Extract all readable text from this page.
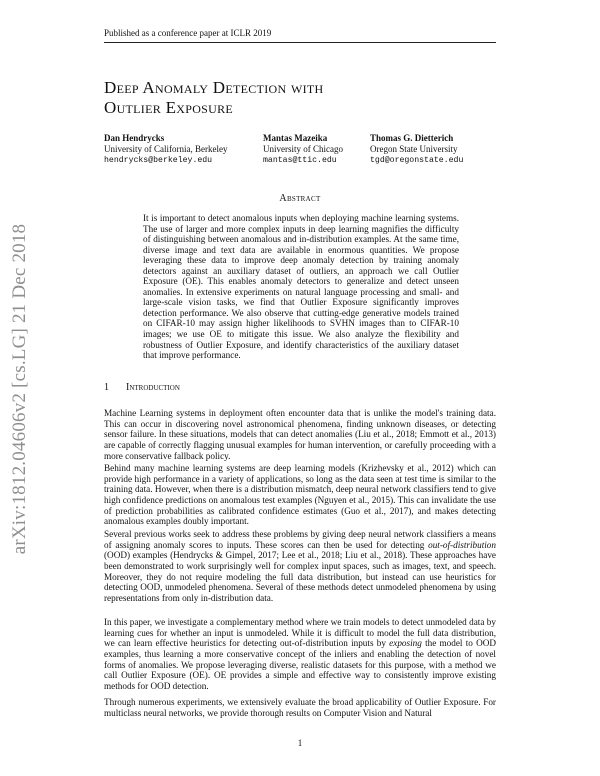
Published as a conference paper at ICLR 2019
arXiv:1812.04606v2 [cs.LG] 21 Dec 2018
Deep Anomaly Detection with
Outlier Exposure
Dan Hendrycks
University of California, Berkeley
hendrycks@berkeley.edu
Mantas Mazeika
University of Chicago
mantas@ttic.edu
Thomas G. Dietterich
Oregon State University
tgd@oregonstate.edu
Abstract
It is important to detect anomalous inputs when deploying machine learning systems. The use of larger and more complex inputs in deep learning magnifies the difficulty of distinguishing between anomalous and in-distribution examples. At the same time, diverse image and text data are available in enormous quantities. We propose leveraging these data to improve deep anomaly detection by training anomaly detectors against an auxiliary dataset of outliers, an approach we call Outlier Exposure (OE). This enables anomaly detectors to generalize and detect unseen anomalies. In extensive experiments on natural language processing and small- and large-scale vision tasks, we find that Outlier Exposure significantly improves detection performance. We also observe that cutting-edge generative models trained on CIFAR-10 may assign higher likelihoods to SVHN images than to CIFAR-10 images; we use OE to mitigate this issue. We also analyze the flexibility and robustness of Outlier Exposure, and identify characteristics of the auxiliary dataset that improve performance.
1 Introduction
Machine Learning systems in deployment often encounter data that is unlike the model's training data. This can occur in discovering novel astronomical phenomena, finding unknown diseases, or detecting sensor failure. In these situations, models that can detect anomalies (Liu et al., 2018; Emmott et al., 2013) are capable of correctly flagging unusual examples for human intervention, or carefully proceeding with a more conservative fallback policy.
Behind many machine learning systems are deep learning models (Krizhevsky et al., 2012) which can provide high performance in a variety of applications, so long as the data seen at test time is similar to the training data. However, when there is a distribution mismatch, deep neural network classifiers tend to give high confidence predictions on anomalous test examples (Nguyen et al., 2015). This can invalidate the use of prediction probabilities as calibrated confidence estimates (Guo et al., 2017), and makes detecting anomalous examples doubly important.
Several previous works seek to address these problems by giving deep neural network classifiers a means of assigning anomaly scores to inputs. These scores can then be used for detecting out-of-distribution (OOD) examples (Hendrycks & Gimpel, 2017; Lee et al., 2018; Liu et al., 2018). These approaches have been demonstrated to work surprisingly well for complex input spaces, such as images, text, and speech. Moreover, they do not require modeling the full data distribution, but instead can use heuristics for detecting OOD, unmodeled phenomena. Several of these methods detect unmodeled phenomena by using representations from only in-distribution data.
In this paper, we investigate a complementary method where we train models to detect unmodeled data by learning cues for whether an input is unmodeled. While it is difficult to model the full data distribution, we can learn effective heuristics for detecting out-of-distribution inputs by exposing the model to OOD examples, thus learning a more conservative concept of the inliers and enabling the detection of novel forms of anomalies. We propose leveraging diverse, realistic datasets for this purpose, with a method we call Outlier Exposure (OE). OE provides a simple and effective way to consistently improve existing methods for OOD detection.
Through numerous experiments, we extensively evaluate the broad applicability of Outlier Exposure. For multiclass neural networks, we provide thorough results on Computer Vision and Natural
1
